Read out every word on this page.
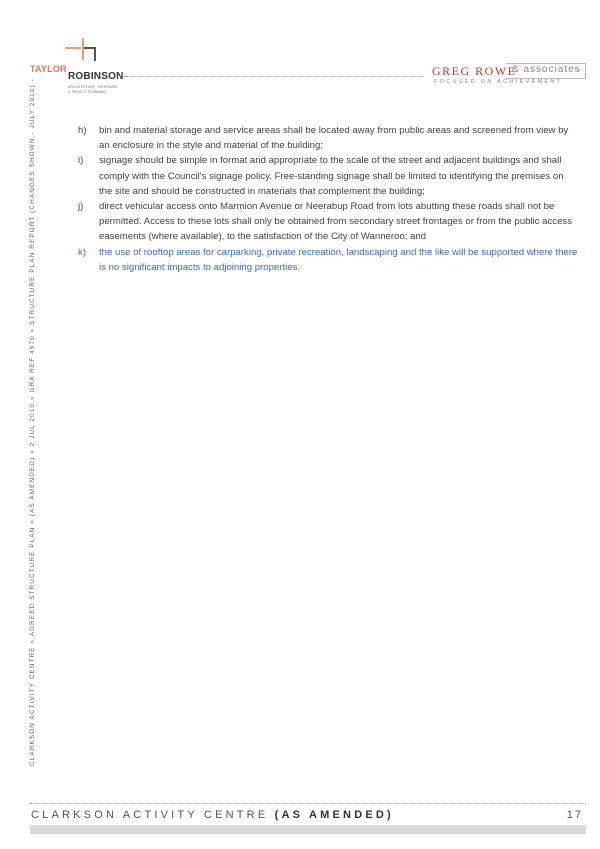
TAYLOR
ROBINSON
ARCHITECTURE · INTERIORS
& PROJECT PLANNING
GREG ROWE
& associates
FOCUSED ON ACHIEVEMENT
CLARKSON ACTIVITY CENTRE » AGREED STRUCTURE PLAN » (AS AMENDED) » 2 JUL 2010 » GRA REF 4970 » STRUCTURE PLAN REPORT (CHANGES SHOWN - JULY 2010) -	h)	bin and material storage and service areas shall be located away from public areas and screened from view by an enclosure in the style and material of the building;
i)	signage should be simple in format and appropriate to the scale of the street and adjacent buildings and shall comply with the Council's signage policy. Free-standing signage shall be limited to identifying the premises on the site and should be constructed in materials that complement the building;
j)	direct vehicular access onto Marmion Avenue or Neerabup Road from lots abutting these roads shall not be permitted. Access to these lots shall only be obtained from secondary street frontages or from the public access easements (where available), to the satisfaction of the City of Wanneroo; and
k)	the use of rooftop areas for carparking, private recreation, landscaping and the like will be supported where there is no significant impacts to adjoining properties.
CLARKSON ACTIVITY CENTRE (AS AMENDED)	17
